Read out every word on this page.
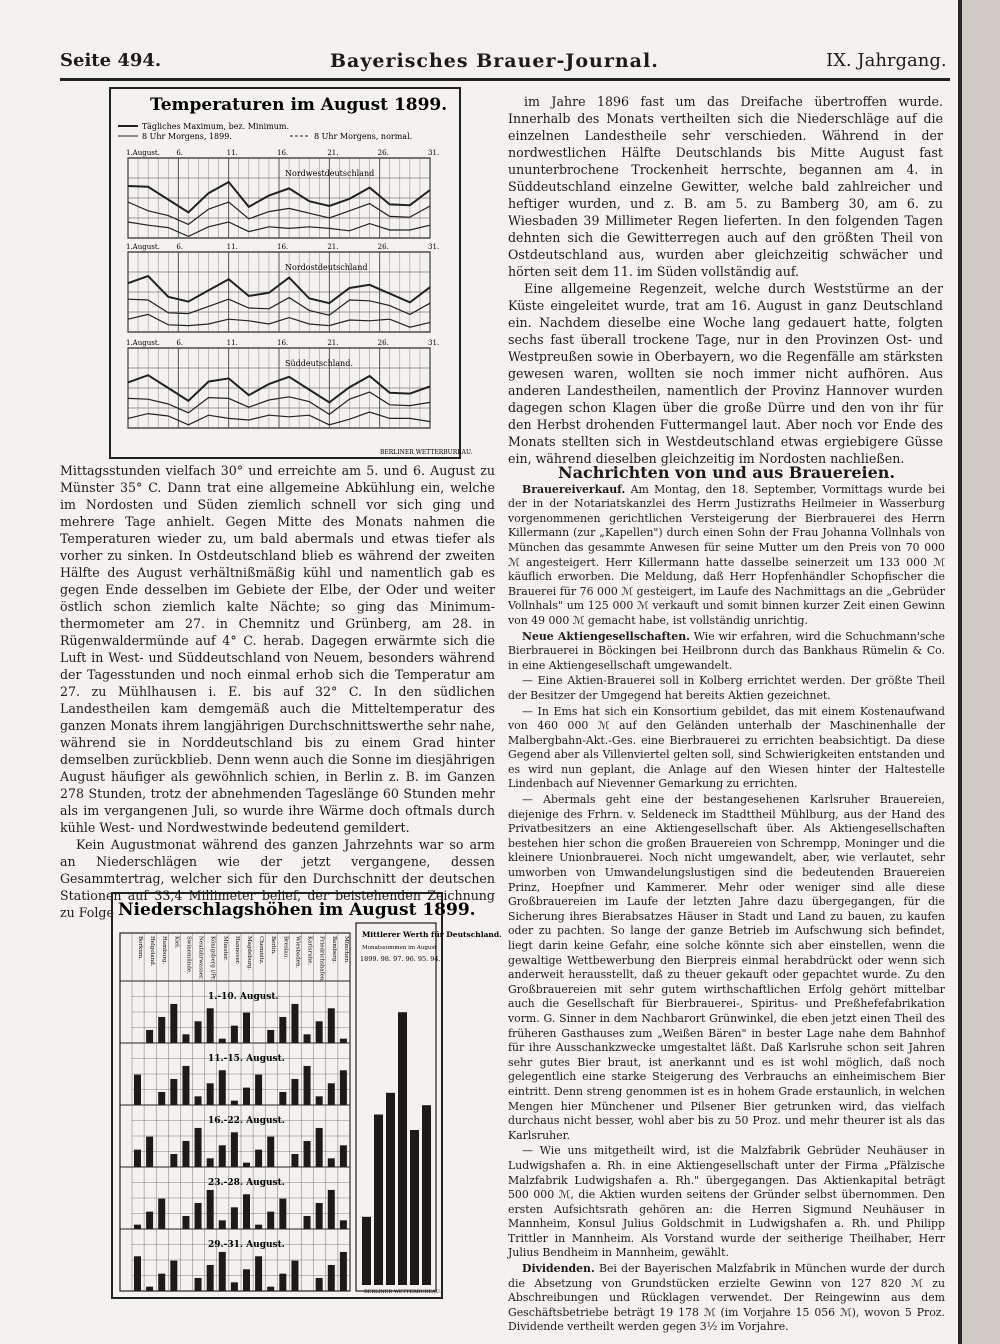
Seite 494.	Bayerisches Brauer-Journal.	IX. Jahrgang.
Temperaturen im August 1899.
Tägliches Maximum, bez. Minimum.
8 Uhr Morgens, 1899.	8 Uhr Morgens, normal.
1.August. 6.	11.	16.	21.	26.	31.
Nordwestdeutschland
1.August. 6.	11.	16.	21.	26.	31.
Nordostdeutschland
1.August. 6.	11.	16.	21.	26.	31.
Süddeutschland.
BERLINER WETTERBUREAU.

Mittagsstunden vielfach 30° und erreichte am 5. und 6. August zu Münster 35° C. Dann trat eine allgemeine Abkühlung ein, welche im Nordosten und Süden ziemlich schnell vor sich ging und mehrere Tage anhielt. Gegen Mitte des Monats nahmen die Temperaturen wieder zu, um bald abermals und etwas tiefer als vorher zu sinken. In Ostdeutschland blieb es während der zweiten Hälfte des August verhältnißmäßig kühl und namentlich gab es gegen Ende desselben im Gebiete der Elbe, der Oder und weiter östlich schon ziemlich kalte Nächte; so ging das Minimum-thermometer am 27. in Chemnitz und Grünberg, am 28. in Rügenwaldermünde auf 4° C. herab. Dagegen erwärmte sich die Luft in West- und Süddeutschland von Neuem, besonders während der Tagesstunden und noch einmal erhob sich die Temperatur am 27. zu Mühlhausen i. E. bis auf 32° C. In den südlichen Landestheilen kam demgemäß auch die Mitteltemperatur des ganzen Monats ihrem langjährigen Durchschnittswerthe sehr nahe, während sie in Norddeutschland bis zu einem Grad hinter demselben zurückblieb. Denn wenn auch die Sonne im diesjährigen August häufiger als gewöhnlich schien, in Berlin z. B. im Ganzen 278 Stunden, trotz der abnehmenden Tageslänge 60 Stunden mehr als im vergangenen Juli, so wurde ihre Wärme doch oftmals durch kühle West- und Nordwestwinde bedeutend gemildert.

Kein Augustmonat während des ganzen Jahrzehnts war so arm an Niederschlägen wie der jetzt vergangene, dessen Gesammtertrag, welcher sich für den Durchschnitt der deutschen Stationen auf 33,4 Millimeter belief, der beistehenden Zeichnung zu Folge Niederschlagshöhen im August 1899.
Borkum. Helgoland. Hamburg. Kiel. Swinemünde. Neufahrwasser. Königsberg i/Pr. Münster. Hannover. Magdeburg. Chemnitz. Berlin. Breslau. Wiesbaden. Karlsruhe. Friedrichshafen. Bamberg. München.
1.-10. August.
11.-15. August.
16.-22. August.
23.-28. August.
29.-31. August.
Mittlerer Werth für Deutschland.
Monatssummen im August
1899. 98. 97. 96. 95. 94.
BERLINER WETTERBUREAU.

im Jahre 1896 fast um das Dreifache übertroffen wurde. Innerhalb des Monats vertheilten sich die Niederschläge auf die einzelnen Landestheile sehr verschieden. Während in der nordwestlichen Hälfte Deutschlands bis Mitte August fast ununterbrochene Trockenheit herrschte, begannen am 4. in Süddeutschland einzelne Gewitter, welche bald zahlreicher und heftiger wurden, und z. B. am 5. zu Bamberg 30, am 6. zu Wiesbaden 39 Millimeter Regen lieferten. In den folgenden Tagen dehnten sich die Gewitterregen auch auf den größten Theil von Ostdeutschland aus, wurden aber gleichzeitig schwächer und hörten seit dem 11. im Süden vollständig auf.

Eine allgemeine Regenzeit, welche durch Weststürme an der Küste eingeleitet wurde, trat am 16. August in ganz Deutschland ein. Nachdem dieselbe eine Woche lang gedauert hatte, folgten sechs fast überall trockene Tage, nur in den Provinzen Ost- und Westpreußen sowie in Oberbayern, wo die Regenfälle am stärksten gewesen waren, wollten sie noch immer nicht aufhören. Aus anderen Landestheilen, namentlich der Provinz Hannover wurden dagegen schon Klagen über die große Dürre und den von ihr für den Herbst drohenden Futtermangel laut. Aber noch vor Ende des Monats stellten sich in Westdeutschland etwas ergiebigere Güsse ein, während dieselben gleichzeitig im Nordosten nachließen.

Nachrichten von und aus Brauereien.

Brauereiverkauf. Am Montag, den 18. September, Vormittags wurde bei der in der Notariatskanzlei des Herrn Justizraths Heilmeier in Wasserburg vorgenommenen gerichtlichen Versteigerung der Bierbrauerei des Herrn Killermann (zur „Kapellen") durch einen Sohn der Frau Johanna Vollnhals von München das gesammte Anwesen für seine Mutter um den Preis von 70 000 ℳ angesteigert. Herr Killermann hatte dasselbe seinerzeit um 133 000 ℳ käuflich erworben. Die Meldung, daß Herr Hopfenhändler Schopfischer die Brauerei für 76 000 ℳ gesteigert, im Laufe des Nachmittags an die „Gebrüder Vollnhals" um 125 000 ℳ verkauft und somit binnen kurzer Zeit einen Gewinn von 49 000 ℳ gemacht habe, ist vollständig unrichtig.

Neue Aktiengesellschaften. Wie wir erfahren, wird die Schuchmann'sche Bierbrauerei in Böckingen bei Heilbronn durch das Bankhaus Rümelin & Co. in eine Aktiengesellschaft umgewandelt.

— Eine Aktien-Brauerei soll in Kolberg errichtet werden. Der größte Theil der Besitzer der Umgegend hat bereits Aktien gezeichnet.

— In Ems hat sich ein Konsortium gebildet, das mit einem Kostenaufwand von 460 000 ℳ auf den Geländen unterhalb der Maschinenhalle der Malbergbahn-Akt.-Ges. eine Bierbrauerei zu errichten beabsichtigt. Da diese Gegend aber als Villenviertel gelten soll, sind Schwierigkeiten entstanden und es wird nun geplant, die Anlage auf den Wiesen hinter der Haltestelle Lindenbach auf Nievenner Gemarkung zu errichten.

— Abermals geht eine der bestangesehenen Karlsruher Brauereien, diejenige des Frhrn. v. Seldeneck im Stadttheil Mühlburg, aus der Hand des Privatbesitzers an eine Aktiengesellschaft über. Als Aktiengesellschaften bestehen hier schon die großen Brauereien von Schrempp, Moninger und die kleinere Unionbrauerei. Noch nicht umgewandelt, aber, wie verlautet, sehr umworben von Umwandelungslustigen sind die bedeutenden Brauereien Prinz, Hoepfner und Kammerer. Mehr oder weniger sind alle diese Großbrauereien im Laufe der letzten Jahre dazu übergegangen, für die Sicherung ihres Bierabsatzes Häuser in Stadt und Land zu bauen, zu kaufen oder zu pachten. So lange der ganze Betrieb im Aufschwung sich befindet, liegt darin keine Gefahr, eine solche könnte sich aber einstellen, wenn die gewaltige Wettbewerbung den Bierpreis einmal herabdrückt oder wenn sich anderweit herausstellt, daß zu theuer gekauft oder gepachtet wurde. Zu den Großbrauereien mit sehr gutem wirthschaftlichen Erfolg gehört mittelbar auch die Gesellschaft für Bierbrauerei-, Spiritus- und Preßhefefabrikation vorm. G. Sinner in dem Nachbarort Grünwinkel, die eben jetzt einen Theil des früheren Gasthauses zum „Weißen Bären" in bester Lage nahe dem Bahnhof für ihre Ausschankzwecke umgestaltet läßt. Daß Karlsruhe schon seit Jahren sehr gutes Bier braut, ist anerkannt und es ist wohl möglich, daß noch gelegentlich eine starke Steigerung des Verbrauchs an einheimischem Bier eintritt. Denn streng genommen ist es in hohem Grade erstaunlich, in welchen Mengen hier Münchener und Pilsener Bier getrunken wird, das vielfach durchaus nicht besser, wohl aber bis zu 50 Proz. und mehr theurer ist als das Karlsruher.

— Wie uns mitgetheilt wird, ist die Malzfabrik Gebrüder Neuhäuser in Ludwigshafen a. Rh. in eine Aktiengesellschaft unter der Firma „Pfälzische Malzfabrik Ludwigshafen a. Rh." übergegangen. Das Aktienkapital beträgt 500 000 ℳ, die Aktien wurden seitens der Gründer selbst übernommen. Den ersten Aufsichtsrath gehören an: die Herren Sigmund Neuhäuser in Mannheim, Konsul Julius Goldschmit in Ludwigshafen a. Rh. und Philipp Trittler in Mannheim. Als Vorstand wurde der seitherige Theilhaber, Herr Julius Bendheim in Mannheim, gewählt.

Dividenden. Bei der Bayerischen Malzfabrik in München wurde der durch die Absetzung von Grundstücken erzielte Gewinn von 127 820 ℳ zu Abschreibungen und Rücklagen verwendet. Der Reingewinn aus dem Geschäftsbetriebe beträgt 19 178 ℳ (im Vorjahre 15 056 ℳ), wovon 5 Proz. Dividende vertheilt werden gegen 3½ im Vorjahre.
